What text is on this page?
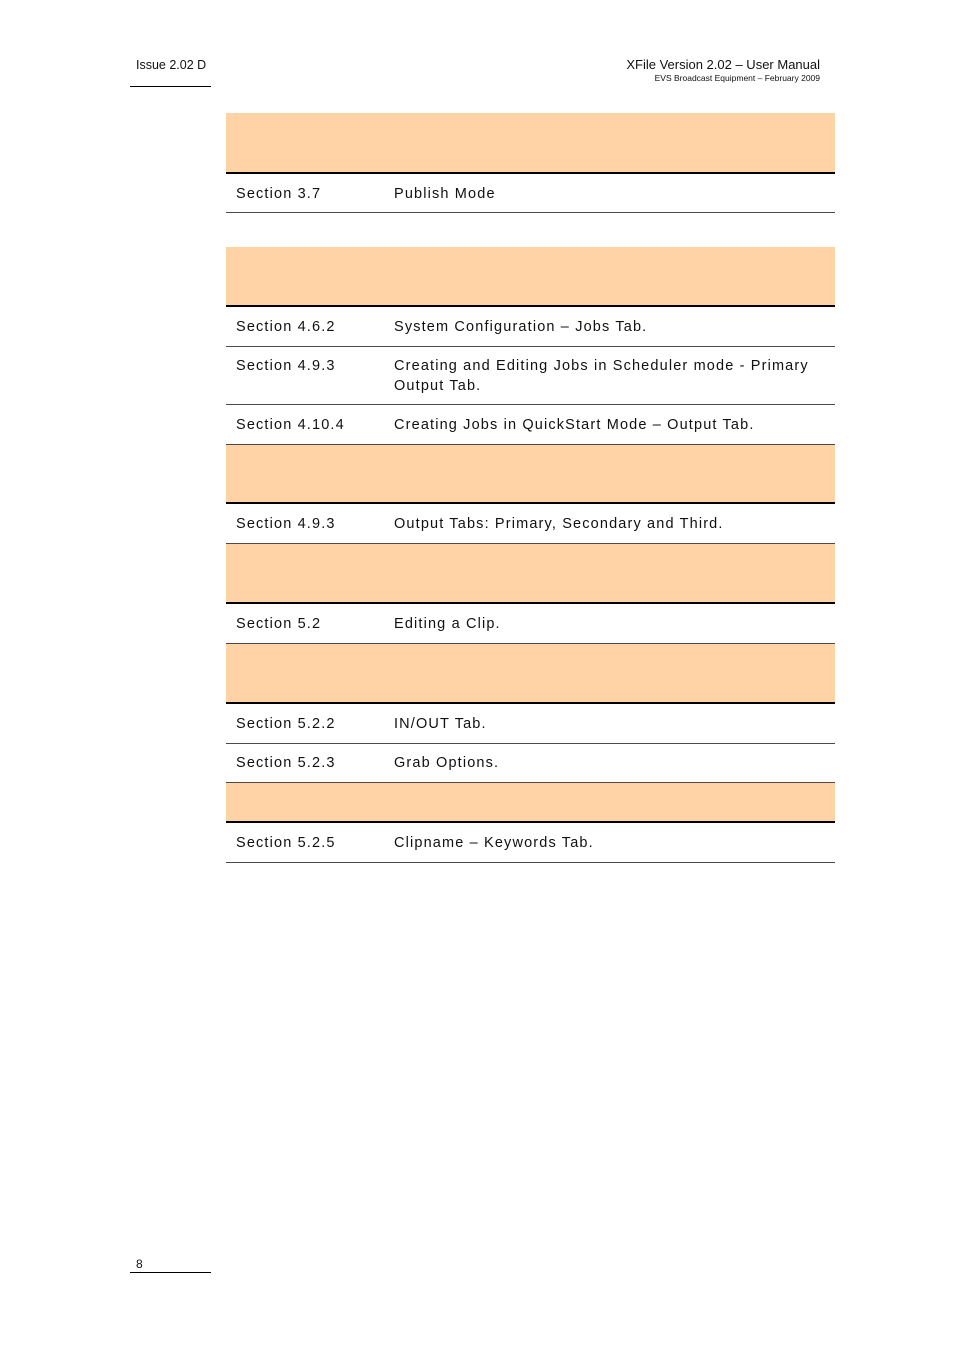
Issue 2.02 D	XFile Version 2.02 – User Manual
EVS Broadcast Equipment – February 2009
Section 3.7	Publish Mode
Section 4.6.2	System Configuration – Jobs Tab.
Section 4.9.3	Creating and Editing Jobs in Scheduler mode - Primary Output Tab.
Section 4.10.4	Creating Jobs in QuickStart Mode – Output Tab.
Section 4.9.3	Output Tabs: Primary, Secondary and Third.
Section 5.2	Editing a Clip.
Section 5.2.2	IN/OUT Tab.
Section 5.2.3	Grab Options.
Section 5.2.5	Clipname – Keywords Tab.
8
